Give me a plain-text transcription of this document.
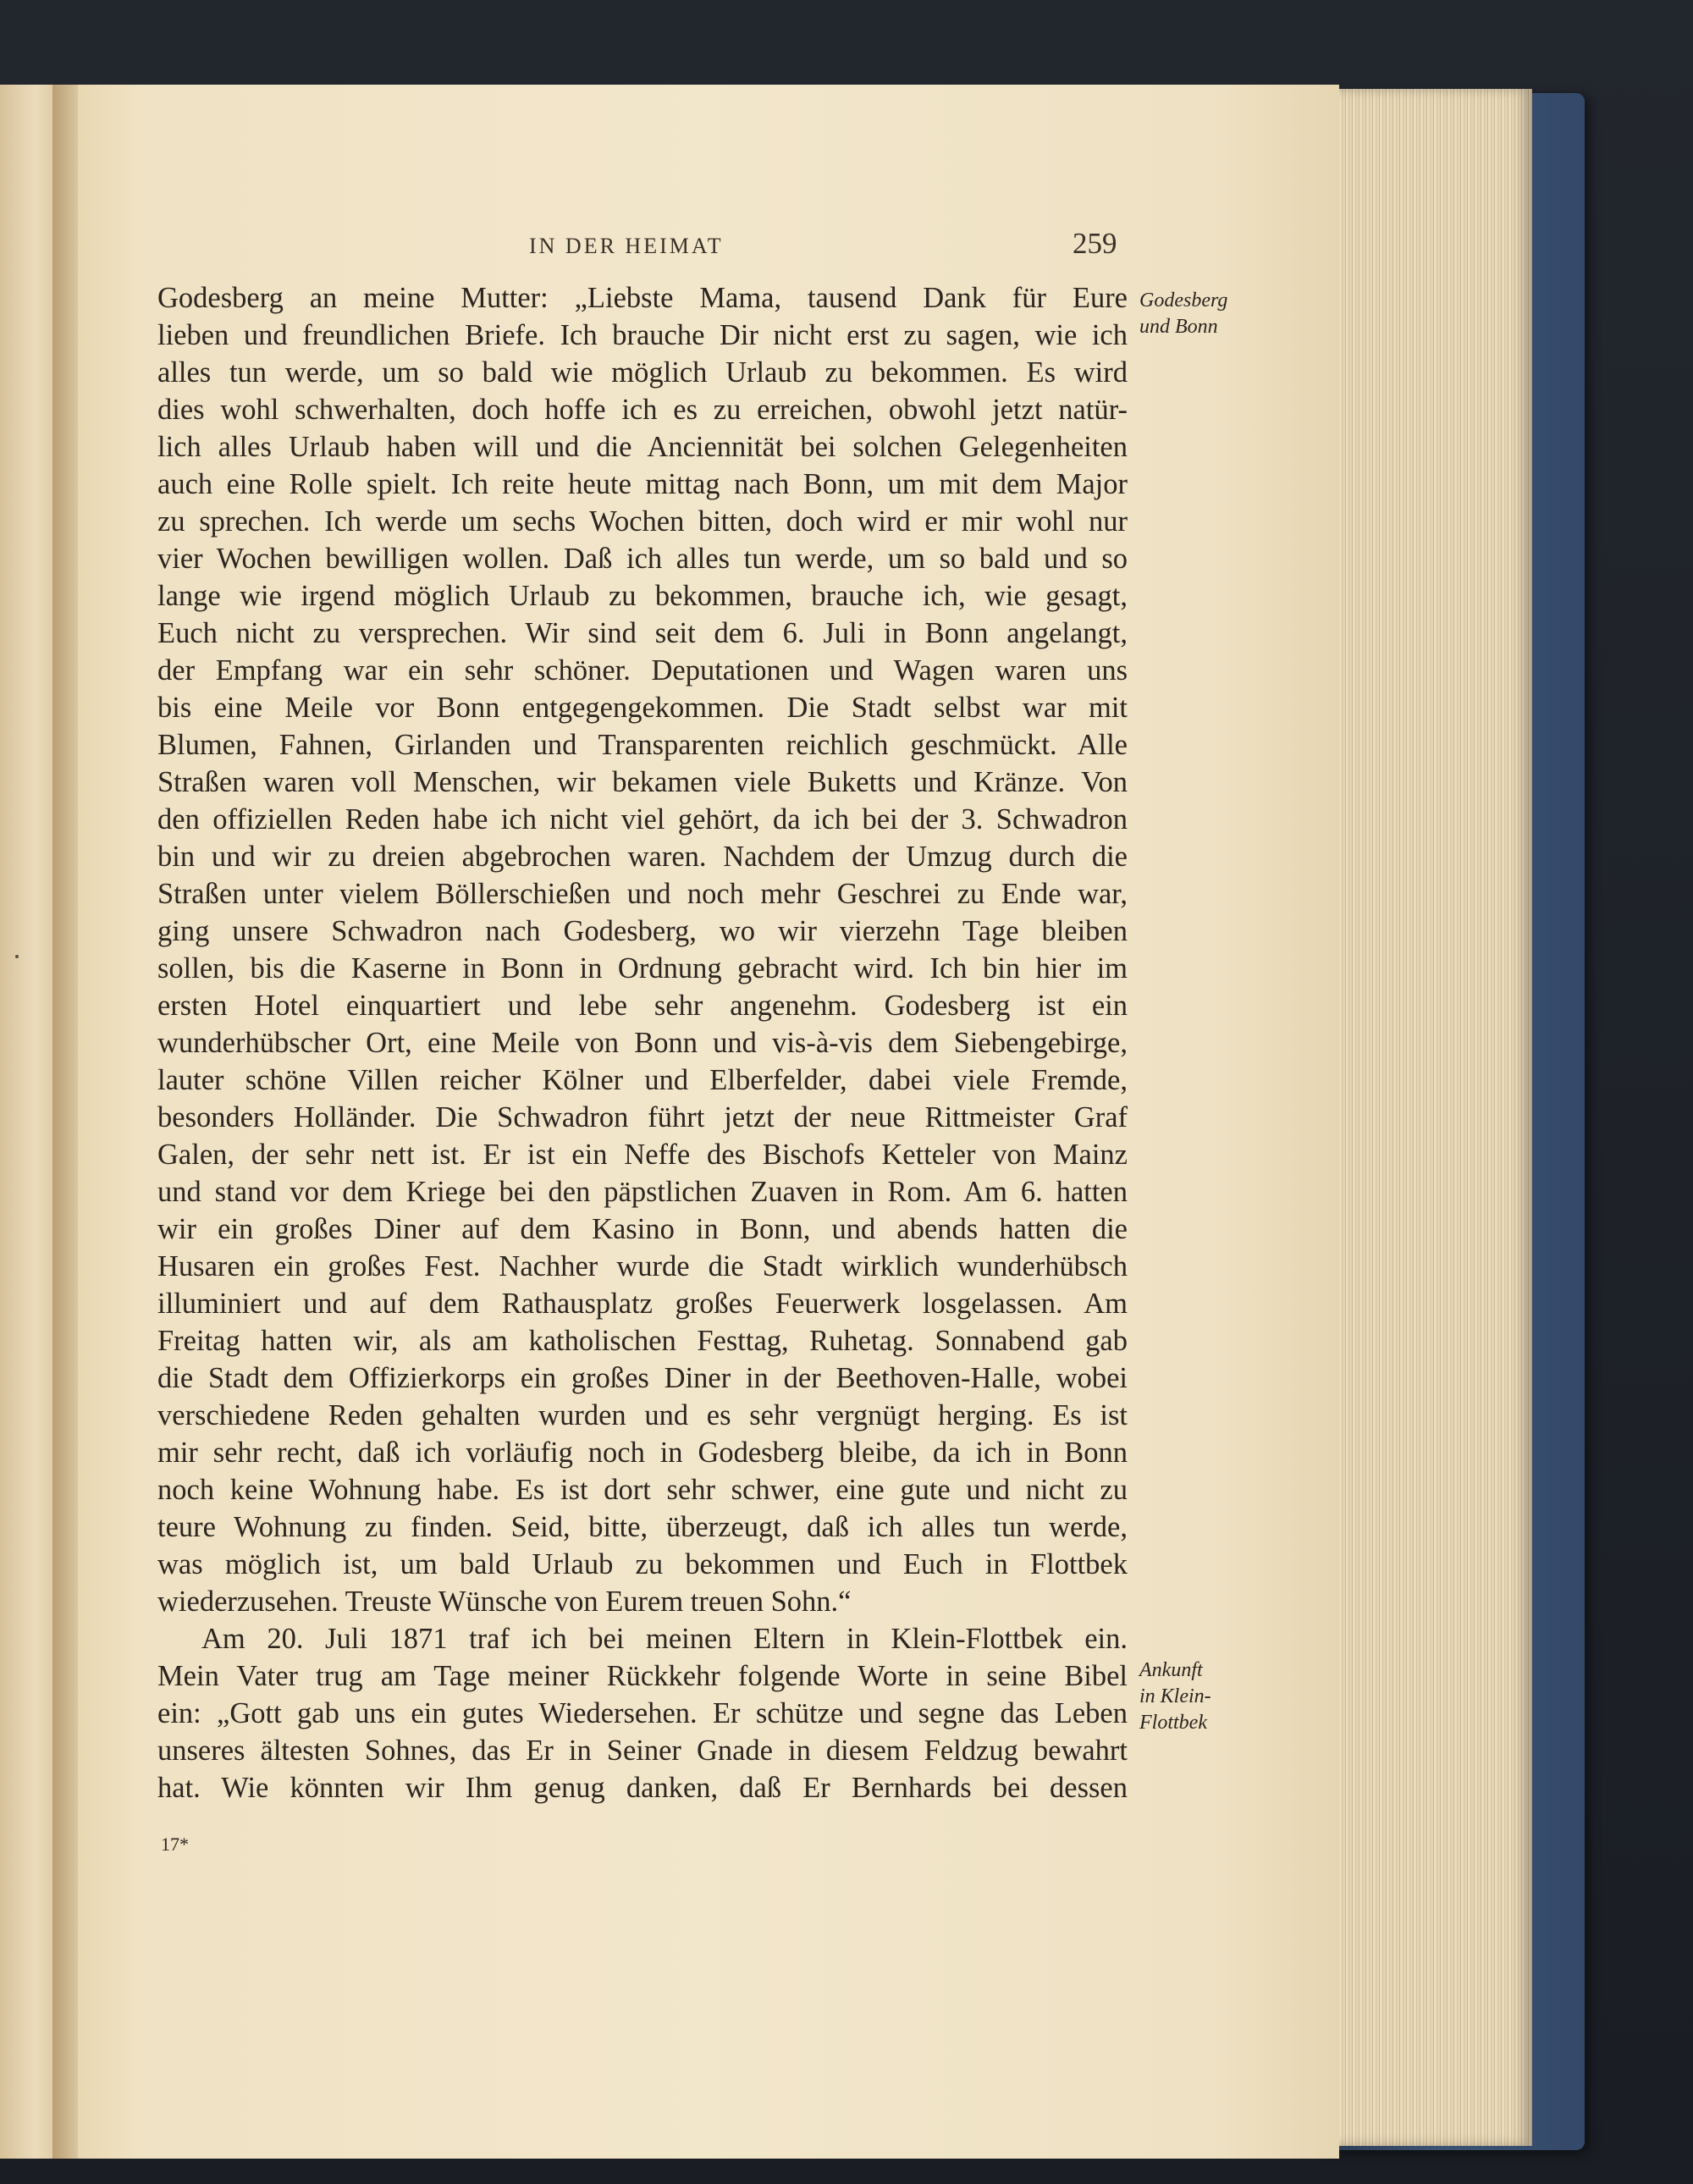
IN DER HEIMAT	259
Godesberg an meine Mutter: „Liebste Mama, tausend Dank für Eure
lieben und freundlichen Briefe. Ich brauche Dir nicht erst zu sagen, wie ich
alles tun werde, um so bald wie möglich Urlaub zu bekommen. Es wird
dies wohl schwerhalten, doch hoffe ich es zu erreichen, obwohl jetzt natür-
lich alles Urlaub haben will und die Anciennität bei solchen Gelegenheiten
auch eine Rolle spielt. Ich reite heute mittag nach Bonn, um mit dem Major
zu sprechen. Ich werde um sechs Wochen bitten, doch wird er mir wohl nur
vier Wochen bewilligen wollen. Daß ich alles tun werde, um so bald und so
lange wie irgend möglich Urlaub zu bekommen, brauche ich, wie gesagt,
Euch nicht zu versprechen. Wir sind seit dem 6. Juli in Bonn angelangt,
der Empfang war ein sehr schöner. Deputationen und Wagen waren uns
bis eine Meile vor Bonn entgegengekommen. Die Stadt selbst war mit
Blumen, Fahnen, Girlanden und Transparenten reichlich geschmückt. Alle
Straßen waren voll Menschen, wir bekamen viele Buketts und Kränze. Von
den offiziellen Reden habe ich nicht viel gehört, da ich bei der 3. Schwadron
bin und wir zu dreien abgebrochen waren. Nachdem der Umzug durch die
Straßen unter vielem Böllerschießen und noch mehr Geschrei zu Ende war,
ging unsere Schwadron nach Godesberg, wo wir vierzehn Tage bleiben
sollen, bis die Kaserne in Bonn in Ordnung gebracht wird. Ich bin hier im
ersten Hotel einquartiert und lebe sehr angenehm. Godesberg ist ein
wunderhübscher Ort, eine Meile von Bonn und vis-à-vis dem Siebengebirge,
lauter schöne Villen reicher Kölner und Elberfelder, dabei viele Fremde,
besonders Holländer. Die Schwadron führt jetzt der neue Rittmeister Graf
Galen, der sehr nett ist. Er ist ein Neffe des Bischofs Ketteler von Mainz
und stand vor dem Kriege bei den päpstlichen Zuaven in Rom. Am 6. hatten
wir ein großes Diner auf dem Kasino in Bonn, und abends hatten die
Husaren ein großes Fest. Nachher wurde die Stadt wirklich wunderhübsch
illuminiert und auf dem Rathausplatz großes Feuerwerk losgelassen. Am
Freitag hatten wir, als am katholischen Festtag, Ruhetag. Sonnabend gab
die Stadt dem Offizierkorps ein großes Diner in der Beethoven-Halle, wobei
verschiedene Reden gehalten wurden und es sehr vergnügt herging. Es ist
mir sehr recht, daß ich vorläufig noch in Godesberg bleibe, da ich in Bonn
noch keine Wohnung habe. Es ist dort sehr schwer, eine gute und nicht zu
teure Wohnung zu finden. Seid, bitte, überzeugt, daß ich alles tun werde,
was möglich ist, um bald Urlaub zu bekommen und Euch in Flottbek
wiederzusehen. Treuste Wünsche von Eurem treuen Sohn.“
Am 20. Juli 1871 traf ich bei meinen Eltern in Klein-Flottbek ein.
Mein Vater trug am Tage meiner Rückkehr folgende Worte in seine Bibel
ein: „Gott gab uns ein gutes Wiedersehen. Er schütze und segne das Leben
unseres ältesten Sohnes, das Er in Seiner Gnade in diesem Feldzug bewahrt
hat. Wie könnten wir Ihm genug danken, daß Er Bernhards bei dessen
Godesberg
und Bonn
Ankunft
in Klein-
Flottbek
17*
